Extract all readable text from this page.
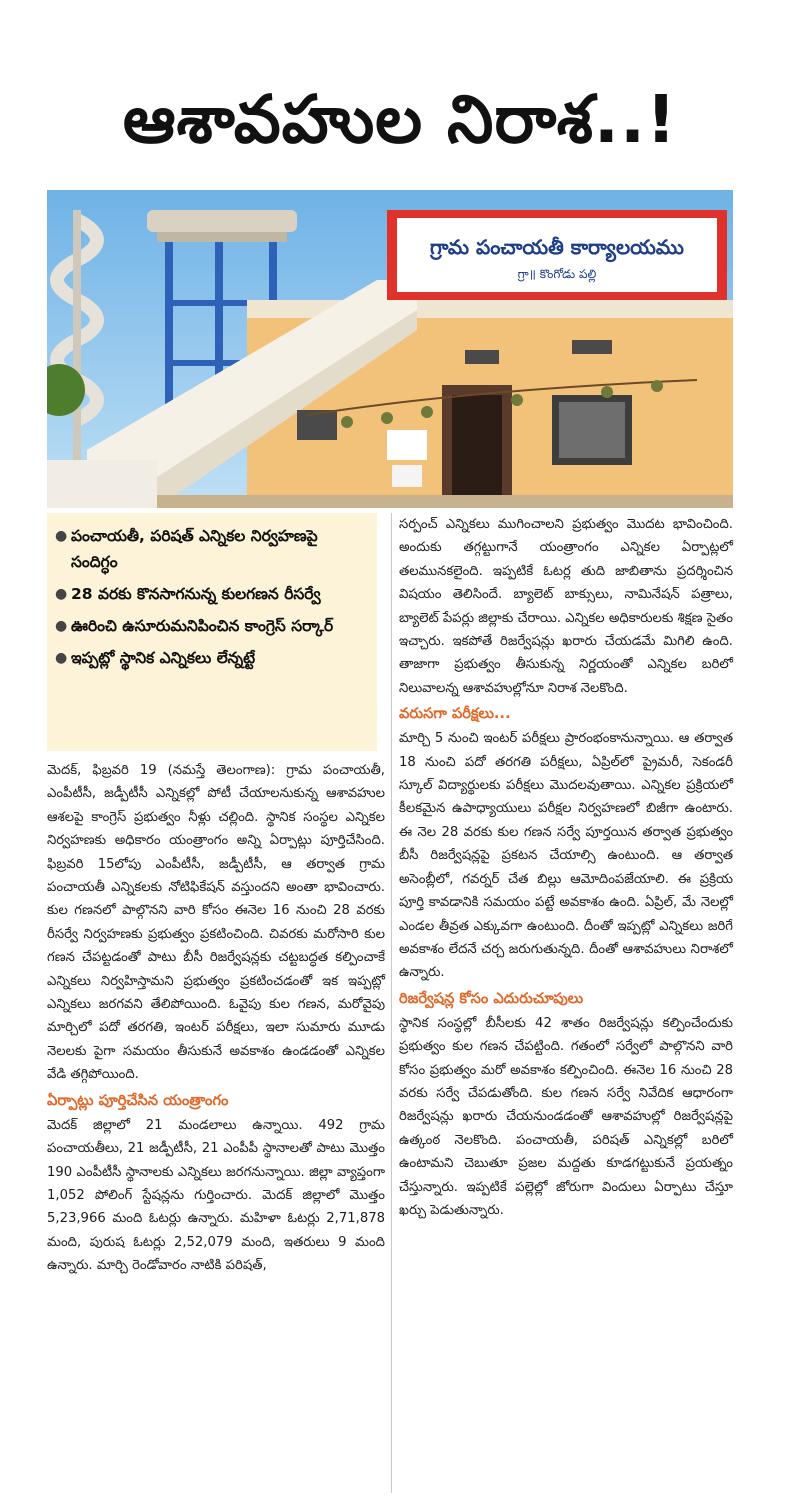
ఆశావహుల నిరాశ..!
గ్రామ పంచాయతీ కార్యాలయము
గ్రా॥ కొంగోడు పల్లి
● పంచాయతీ, పరిషత్ ఎన్నికల నిర్వహణపై సందిగ్ధం
● 28 వరకు కొనసాగనున్న కులగణన రీసర్వే
● ఊరించి ఉసూరుమనిపించిన కాంగ్రెస్ సర్కార్
● ఇప్పట్లో స్థానిక ఎన్నికలు లేన్నట్టే

మెదక్, ఫిబ్రవరి 19 (నమస్తే తెలంగాణ): గ్రామ పంచాయతీ, ఎంపీటీసీ, జడ్పీటీసీ ఎన్నికల్లో పోటీ చేయాలనుకున్న ఆశావహుల ఆశలపై కాంగ్రెస్ ప్రభుత్వం నీళ్లు చల్లింది. స్థానిక సంస్థల ఎన్నికల నిర్వహణకు అధికారం యంత్రాంగం అన్ని ఏర్పాట్లు పూర్తిచేసింది. ఫిబ్రవరి 15లోపు ఎంపీటీసీ, జడ్పీటీసీ, ఆ తర్వాత గ్రామ పంచాయతీ ఎన్నికలకు నోటిఫికేషన్ వస్తుందని అంతా భావించారు. కుల గణనలో పాల్గొనని వారి కోసం ఈనెల 16 నుంచి 28 వరకు రీసర్వే నిర్వహణకు ప్రభుత్వం ప్రకటించింది. చివరకు మరోసారి కుల గణన చేపట్టడంతో పాటు బీసీ రిజర్వేషన్లకు చట్టబద్ధత కల్పించాకే ఎన్నికలు నిర్వహిస్తామని ప్రభుత్వం ప్రకటించడంతో ఇక ఇప్పట్లో ఎన్నికలు జరగవని తేలిపోయింది. ఓవైపు కుల గణన, మరోవైపు మార్చిలో పదో తరగతి, ఇంటర్ పరీక్షలు, ఇలా సుమారు మూడు నెలలకు పైగా సమయం తీసుకునే అవకాశం ఉండడంతో ఎన్నికల వేడి తగ్గిపోయింది.

ఏర్పాట్లు పూర్తిచేసిన యంత్రాంగం

మెదక్ జిల్లాలో 21 మండలాలు ఉన్నాయి. 492 గ్రామ పంచాయతీలు, 21 జడ్పీటీసీ, 21 ఎంపీపీ స్థానాలతో పాటు మొత్తం 190 ఎంపీటీసీ స్థానాలకు ఎన్నికలు జరగనున్నాయి. జిల్లా వ్యాప్తంగా 1,052 పోలింగ్ స్టేషన్లను గుర్తించారు. మెదక్ జిల్లాలో మొత్తం 5,23,966 మంది ఓటర్లు ఉన్నారు. మహిళా ఓటర్లు 2,71,878 మంది, పురుష ఓటర్లు 2,52,079 మంది, ఇతరులు 9 మంది ఉన్నారు. మార్చి రెండోవారం నాటికి పరిషత్,

సర్పంచ్ ఎన్నికలు ముగించాలని ప్రభుత్వం మొదట భావించింది. అందుకు తగ్గట్టుగానే యంత్రాంగం ఎన్నికల ఏర్పాట్లలో తలమునకలైంది. ఇప్పటికే ఓటర్ల తుది జాబితాను ప్రదర్శించిన విషయం తెలిసిందే. బ్యాలెట్ బాక్సులు, నామినేషన్ పత్రాలు, బ్యాలెట్ పేపర్లు జిల్లాకు చేరాయి. ఎన్నికల అధికారులకు శిక్షణ సైతం ఇచ్చారు. ఇకపోతే రిజర్వేషన్లు ఖరారు చేయడమే మిగిలి ఉంది. తాజాగా ప్రభుత్వం తీసుకున్న నిర్ణయంతో ఎన్నికల బరిలో నిలువాలన్న ఆశావహుల్లోనూ నిరాశ నెలకొంది.

వరుసగా పరీక్షలు...

మార్చి 5 నుంచి ఇంటర్ పరీక్షలు ప్రారంభంకానున్నాయి. ఆ తర్వాత 18 నుంచి పదో తరగతి పరీక్షలు, ఏప్రిల్‌లో ప్రైమరీ, సెకండరీ స్కూల్ విద్యార్థులకు పరీక్షలు మొదలవుతాయి. ఎన్నికల ప్రక్రియలో కీలకమైన ఉపాధ్యాయులు పరీక్షల నిర్వహణలో బిజీగా ఉంటారు. ఈ నెల 28 వరకు కుల గణన సర్వే పూర్తయిన తర్వాత ప్రభుత్వం బీసీ రిజర్వేషన్లపై ప్రకటన చేయాల్సి ఉంటుంది. ఆ తర్వాత అసెంబ్లీలో, గవర్నర్ చేత బిల్లు ఆమోదింపజేయాలి. ఈ ప్రక్రియ పూర్తి కావడానికి సమయం పట్టే అవకాశం ఉంది. ఏప్రిల్, మే నెలల్లో ఎండల తీవ్రత ఎక్కువగా ఉంటుంది. దీంతో ఇప్పట్లో ఎన్నికలు జరిగే అవకాశం లేదనే చర్చ జరుగుతున్నది. దీంతో ఆశావహులు నిరాశలో ఉన్నారు.

రిజర్వేషన్ల కోసం ఎదురుచూపులు

స్థానిక సంస్థల్లో బీసీలకు 42 శాతం రిజర్వేషన్లు కల్పించేందుకు ప్రభుత్వం కుల గణన చేపట్టింది. గతంలో సర్వేలో పాల్గొనని వారి కోసం ప్రభుత్వం మరో అవకాశం కల్పించింది. ఈనెల 16 నుంచి 28 వరకు సర్వే చేపడుతోంది. కుల గణన సర్వే నివేదిక ఆధారంగా రిజర్వేషన్లు ఖరారు చేయనుండడంతో ఆశావహుల్లో రిజర్వేషన్లపై ఉత్కంఠ నెలకొంది. పంచాయతీ, పరిషత్ ఎన్నికల్లో బరిలో ఉంటామని చెబుతూ ప్రజల మద్దతు కూడగట్టుకునే ప్రయత్నం చేస్తున్నారు. ఇప్పటికే పల్లెల్లో జోరుగా విందులు ఏర్పాటు చేస్తూ ఖర్చు పెడుతున్నారు.
